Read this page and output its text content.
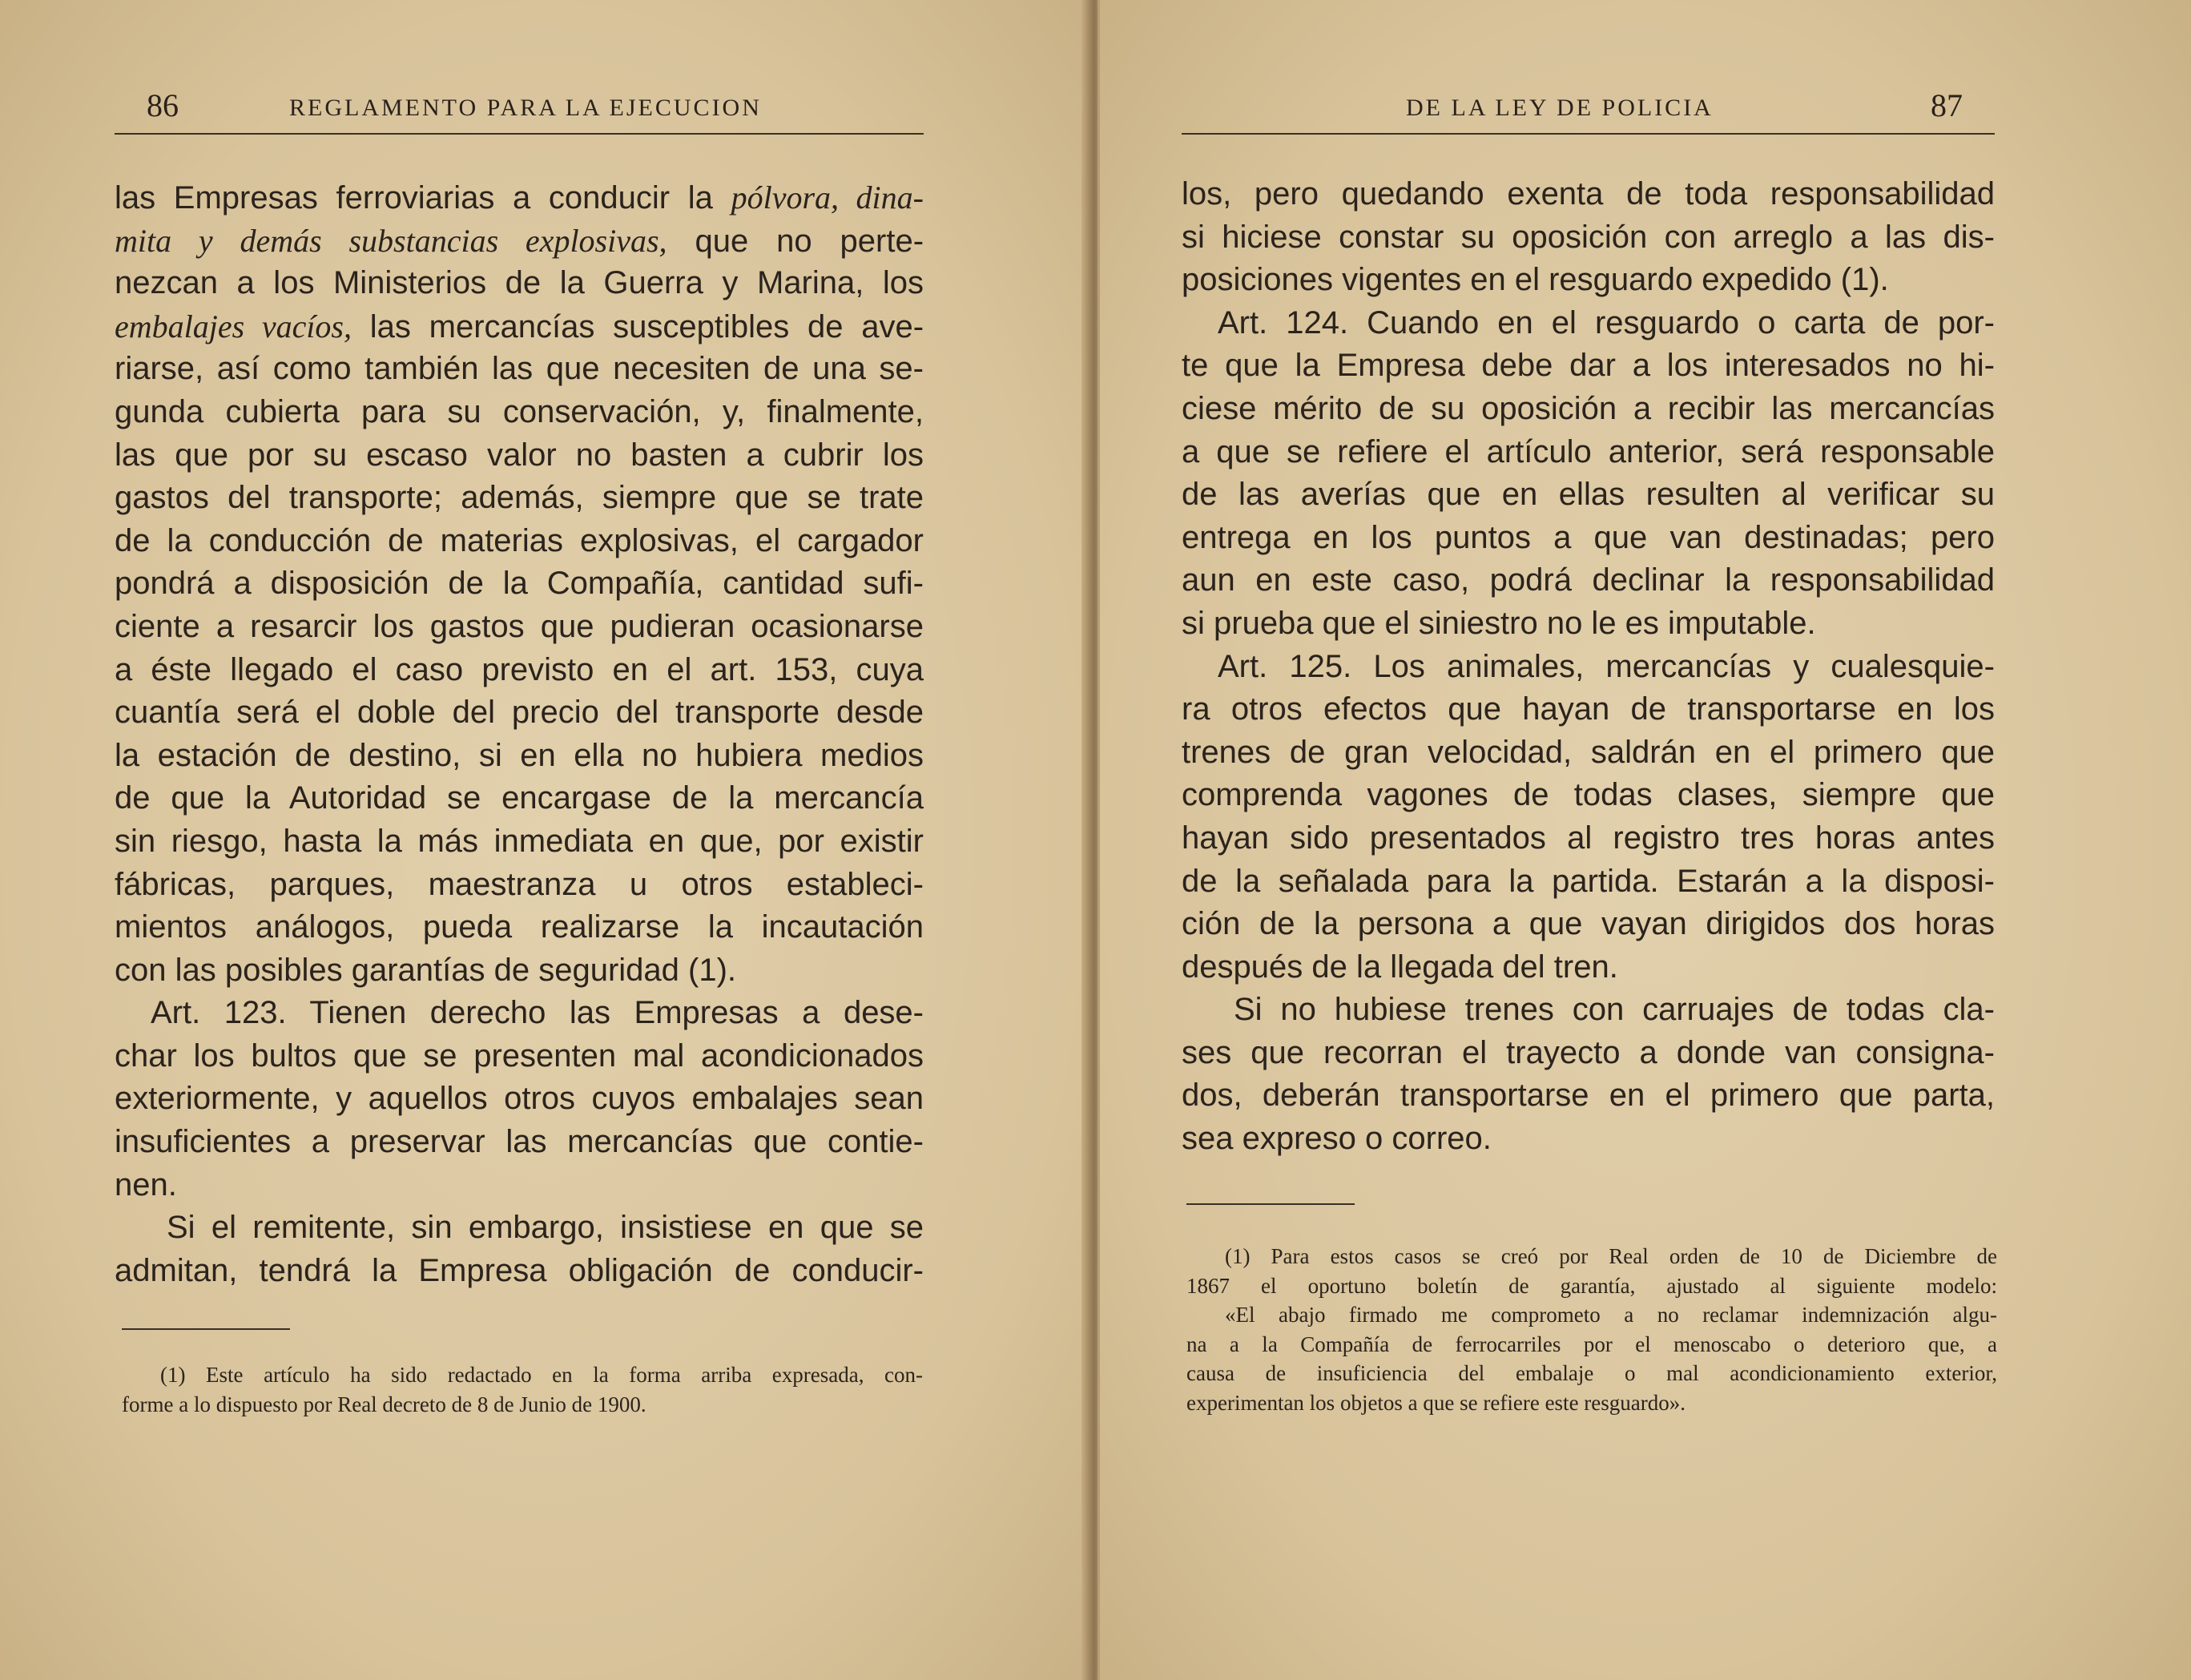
86	REGLAMENTO PARA LA EJECUCION
las Empresas ferroviarias a conducir la pólvora, dina-
mita y demás substancias explosivas, que no perte-
nezcan a los Ministerios de la Guerra y Marina, los
embalajes vacíos, las mercancías susceptibles de ave-
riarse, así como también las que necesiten de una se-
gunda cubierta para su conservación, y, finalmente,
las que por su escaso valor no basten a cubrir los
gastos del transporte; además, siempre que se trate
de la conducción de materias explosivas, el cargador
pondrá a disposición de la Compañía, cantidad sufi-
ciente a resarcir los gastos que pudieran ocasionarse
a éste llegado el caso previsto en el art. 153, cuya
cuantía será el doble del precio del transporte desde
la estación de destino, si en ella no hubiera medios
de que la Autoridad se encargase de la mercancía
sin riesgo, hasta la más inmediata en que, por existir
fábricas, parques, maestranza u otros estableci-
mientos análogos, pueda realizarse la incautación
con las posibles garantías de seguridad (1).
Art. 123. Tienen derecho las Empresas a dese-
char los bultos que se presenten mal acondicionados
exteriormente, y aquellos otros cuyos embalajes sean
insuficientes a preservar las mercancías que contie-
nen.
Si el remitente, sin embargo, insistiese en que se
admitan, tendrá la Empresa obligación de conducir-
(1) Este artículo ha sido redactado en la forma arriba expresada, con-
forme a lo dispuesto por Real decreto de 8 de Junio de 1900.
DE LA LEY DE POLICIA	87
los, pero quedando exenta de toda responsabilidad
si hiciese constar su oposición con arreglo a las dis-
posiciones vigentes en el resguardo expedido (1).
Art. 124. Cuando en el resguardo o carta de por-
te que la Empresa debe dar a los interesados no hi-
ciese mérito de su oposición a recibir las mercancías
a que se refiere el artículo anterior, será responsable
de las averías que en ellas resulten al verificar su
entrega en los puntos a que van destinadas; pero
aun en este caso, podrá declinar la responsabilidad
si prueba que el siniestro no le es imputable.
Art. 125. Los animales, mercancías y cualesquie-
ra otros efectos que hayan de transportarse en los
trenes de gran velocidad, saldrán en el primero que
comprenda vagones de todas clases, siempre que
hayan sido presentados al registro tres horas antes
de la señalada para la partida. Estarán a la disposi-
ción de la persona a que vayan dirigidos dos horas
después de la llegada del tren.
Si no hubiese trenes con carruajes de todas cla-
ses que recorran el trayecto a donde van consigna-
dos, deberán transportarse en el primero que parta,
sea expreso o correo.
(1) Para estos casos se creó por Real orden de 10 de Diciembre de
1867 el oportuno boletín de garantía, ajustado al siguiente modelo:
«El abajo firmado me comprometo a no reclamar indemnización algu-
na a la Compañía de ferrocarriles por el menoscabo o deterioro que, a
causa de insuficiencia del embalaje o mal acondicionamiento exterior,
experimentan los objetos a que se refiere este resguardo».
